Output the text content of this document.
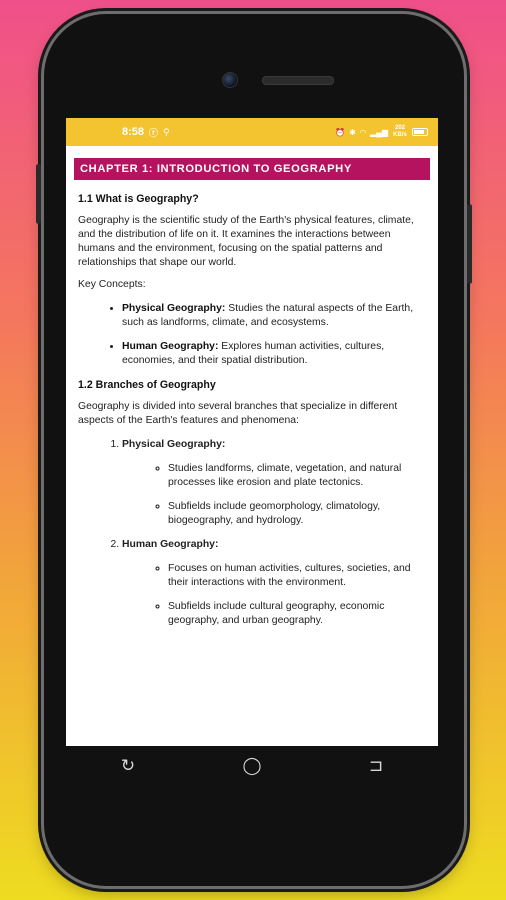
8:58 ⓡ ⚲	⏰ ✱ ◠ ▂▄▆	202 KB/s
CHAPTER 1: INTRODUCTION TO GEOGRAPHY
1.1 What is Geography?

Geography is the scientific study of the Earth's physical features, climate, and the distribution of life on it. It examines the interactions between humans and the environment, focusing on the spatial patterns and relationships that shape our world.

Key Concepts:

• Physical Geography: Studies the natural aspects of the Earth, such as landforms, climate, and ecosystems.
• Human Geography: Explores human activities, cultures, economies, and their spatial distribution.
1.2 Branches of Geography

Geography is divided into several branches that specialize in different aspects of the Earth's features and phenomena:

1. Physical Geography:
◦ Studies landforms, climate, vegetation, and natural processes like erosion and plate tectonics.
◦ Subfields include geomorphology, climatology, biogeography, and hydrology.
2. Human Geography:
◦ Focuses on human activities, cultures, societies, and their interactions with the environment.
◦ Subfields include cultural geography, economic geography, and urban geography.
↻	◯	⊐
